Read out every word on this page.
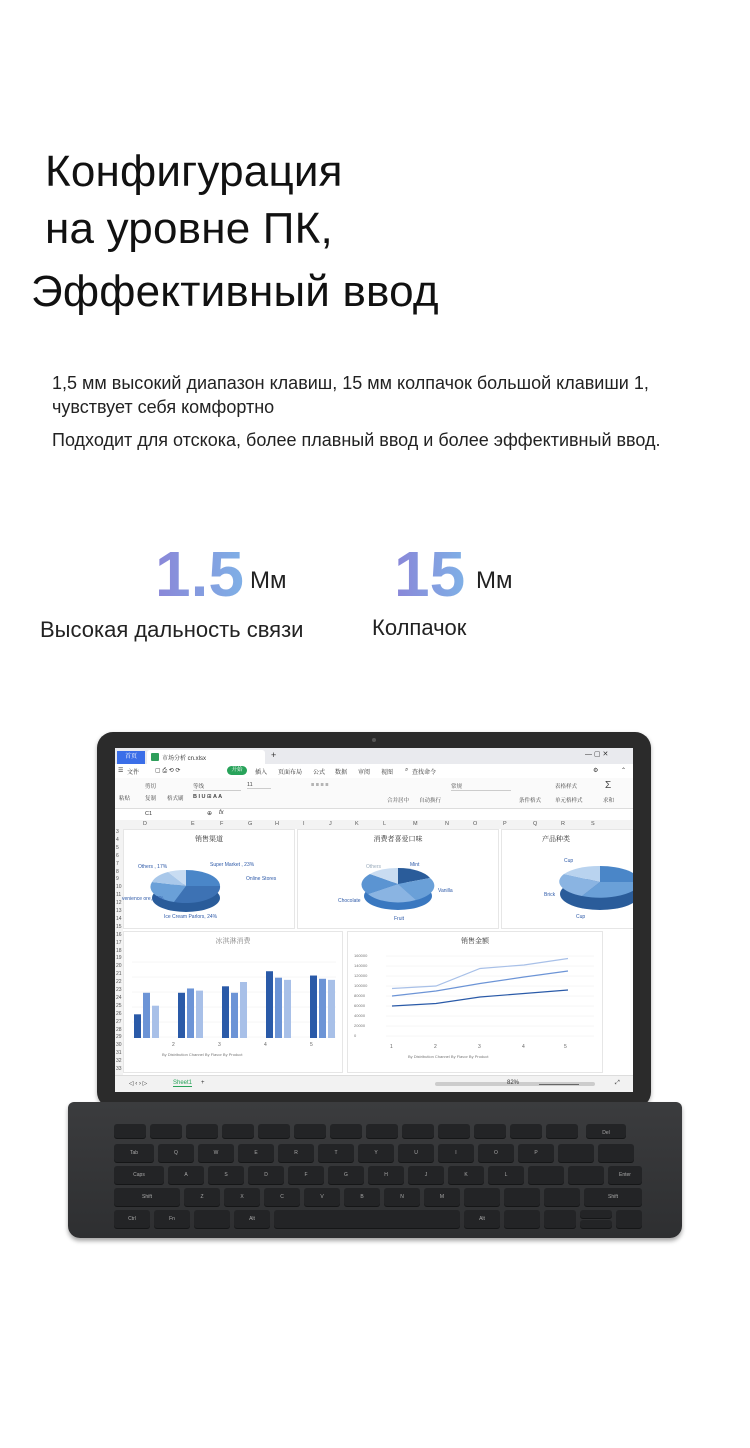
Конфигурация
на уровне ПК,
Эффективный ввод
1,5 мм высокий диапазон клавиш, 15 мм колпачок большой клавиши 1, чувствует себя комфортно
Подходит для отскока, более плавный ввод и более эффективный ввод.
1.5 Мм
Высокая дальность связи
15 Мм
Колпачок
首页	市场分析 cn.xlsx	+	— ▢ ✕
☰ 文件	▢ ⎙ ⟲ ⟳	开始	插入 页面布局 公式 数据 审阅 视图 ⌕ 查找命令	⚙	⌃
粘贴
剪切
复制 格式刷
等线	11
B I U ⊞ A A
≡ ≡ ≡ ≡
合并居中 自动换行
常规	表格样式
单元格样式
条件格式	求和
Σ
C1	⊕ fx
D	E	F	G	H	I	J	K	L	M	N	O	P	Q	R	S
3
4
5
6
7
8
9
10
11
12
13
14
15
16
17
18
19
20
21
22
23
24
25
26
27
28
29
30
31
32
33
销售渠道
Others , 17%	Super Market , 23%
Online Stores
venience ore, 19%
Ice Cream Parlors, 24%
消费者喜爱口味
Others	Mint
Vanilla
Chocolate
Fruit
产品种类
Cup
Brick
Cup
冰淇淋消费
2	3	4	5
By Distribution Channel By Flavor By Product
销售金额
160000
140000
120000
100000
80000
60000
40000
20000
0
1	2	3	4	5
By Distribution Channel By Flavor By Product
◁ ‹ › ▷	Sheet1 +	82%	⤢
Del
Tab	Q	W	E	R	T	Y	U	I	O	P
Caps	A	S	D	F	G	H	J	K	L	Enter
Shift	Z	X	C	V	B	N	M	Shift
Ctrl	Fn	Alt	Alt
